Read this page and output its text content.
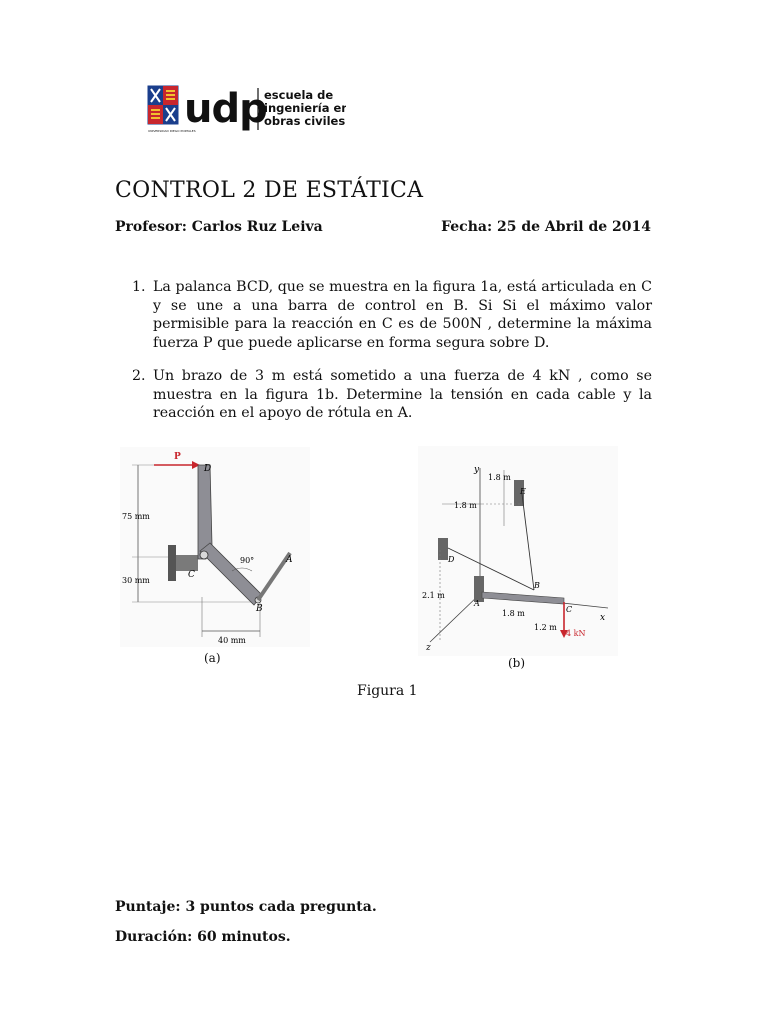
udp
UNIVERSIDAD DIEGO PORTALES
escuela de
ingeniería en
obras civiles
CONTROL 2 DE ESTÁTICA
Profesor: Carlos Ruz Leiva	Fecha: 25 de Abril de 2014
1. La palanca BCD, que se muestra en la figura 1a, está articulada en C y se une a una barra de control en B. Si Si el máximo valor permisible para la reacción en C es de 500N , determine la máxima fuerza P que puede aplicarse en forma segura sobre D.
2. Un brazo de 3 m está sometido a una fuerza de 4 kN , como se muestra en la figura 1b. Determine la tensión en cada cable y la reacción en el apoyo de rótula en A.
75 mm
30 mm
40 mm
P
A
D
C
B
90°
y
x
z
1.8 m
1.8 m
2.1 m
1.8 m
1.2 m
4 kN
D
E
A
B
C
(a)	(b)
Figura 1
Puntaje: 3 puntos cada pregunta.
Duración: 60 minutos.
